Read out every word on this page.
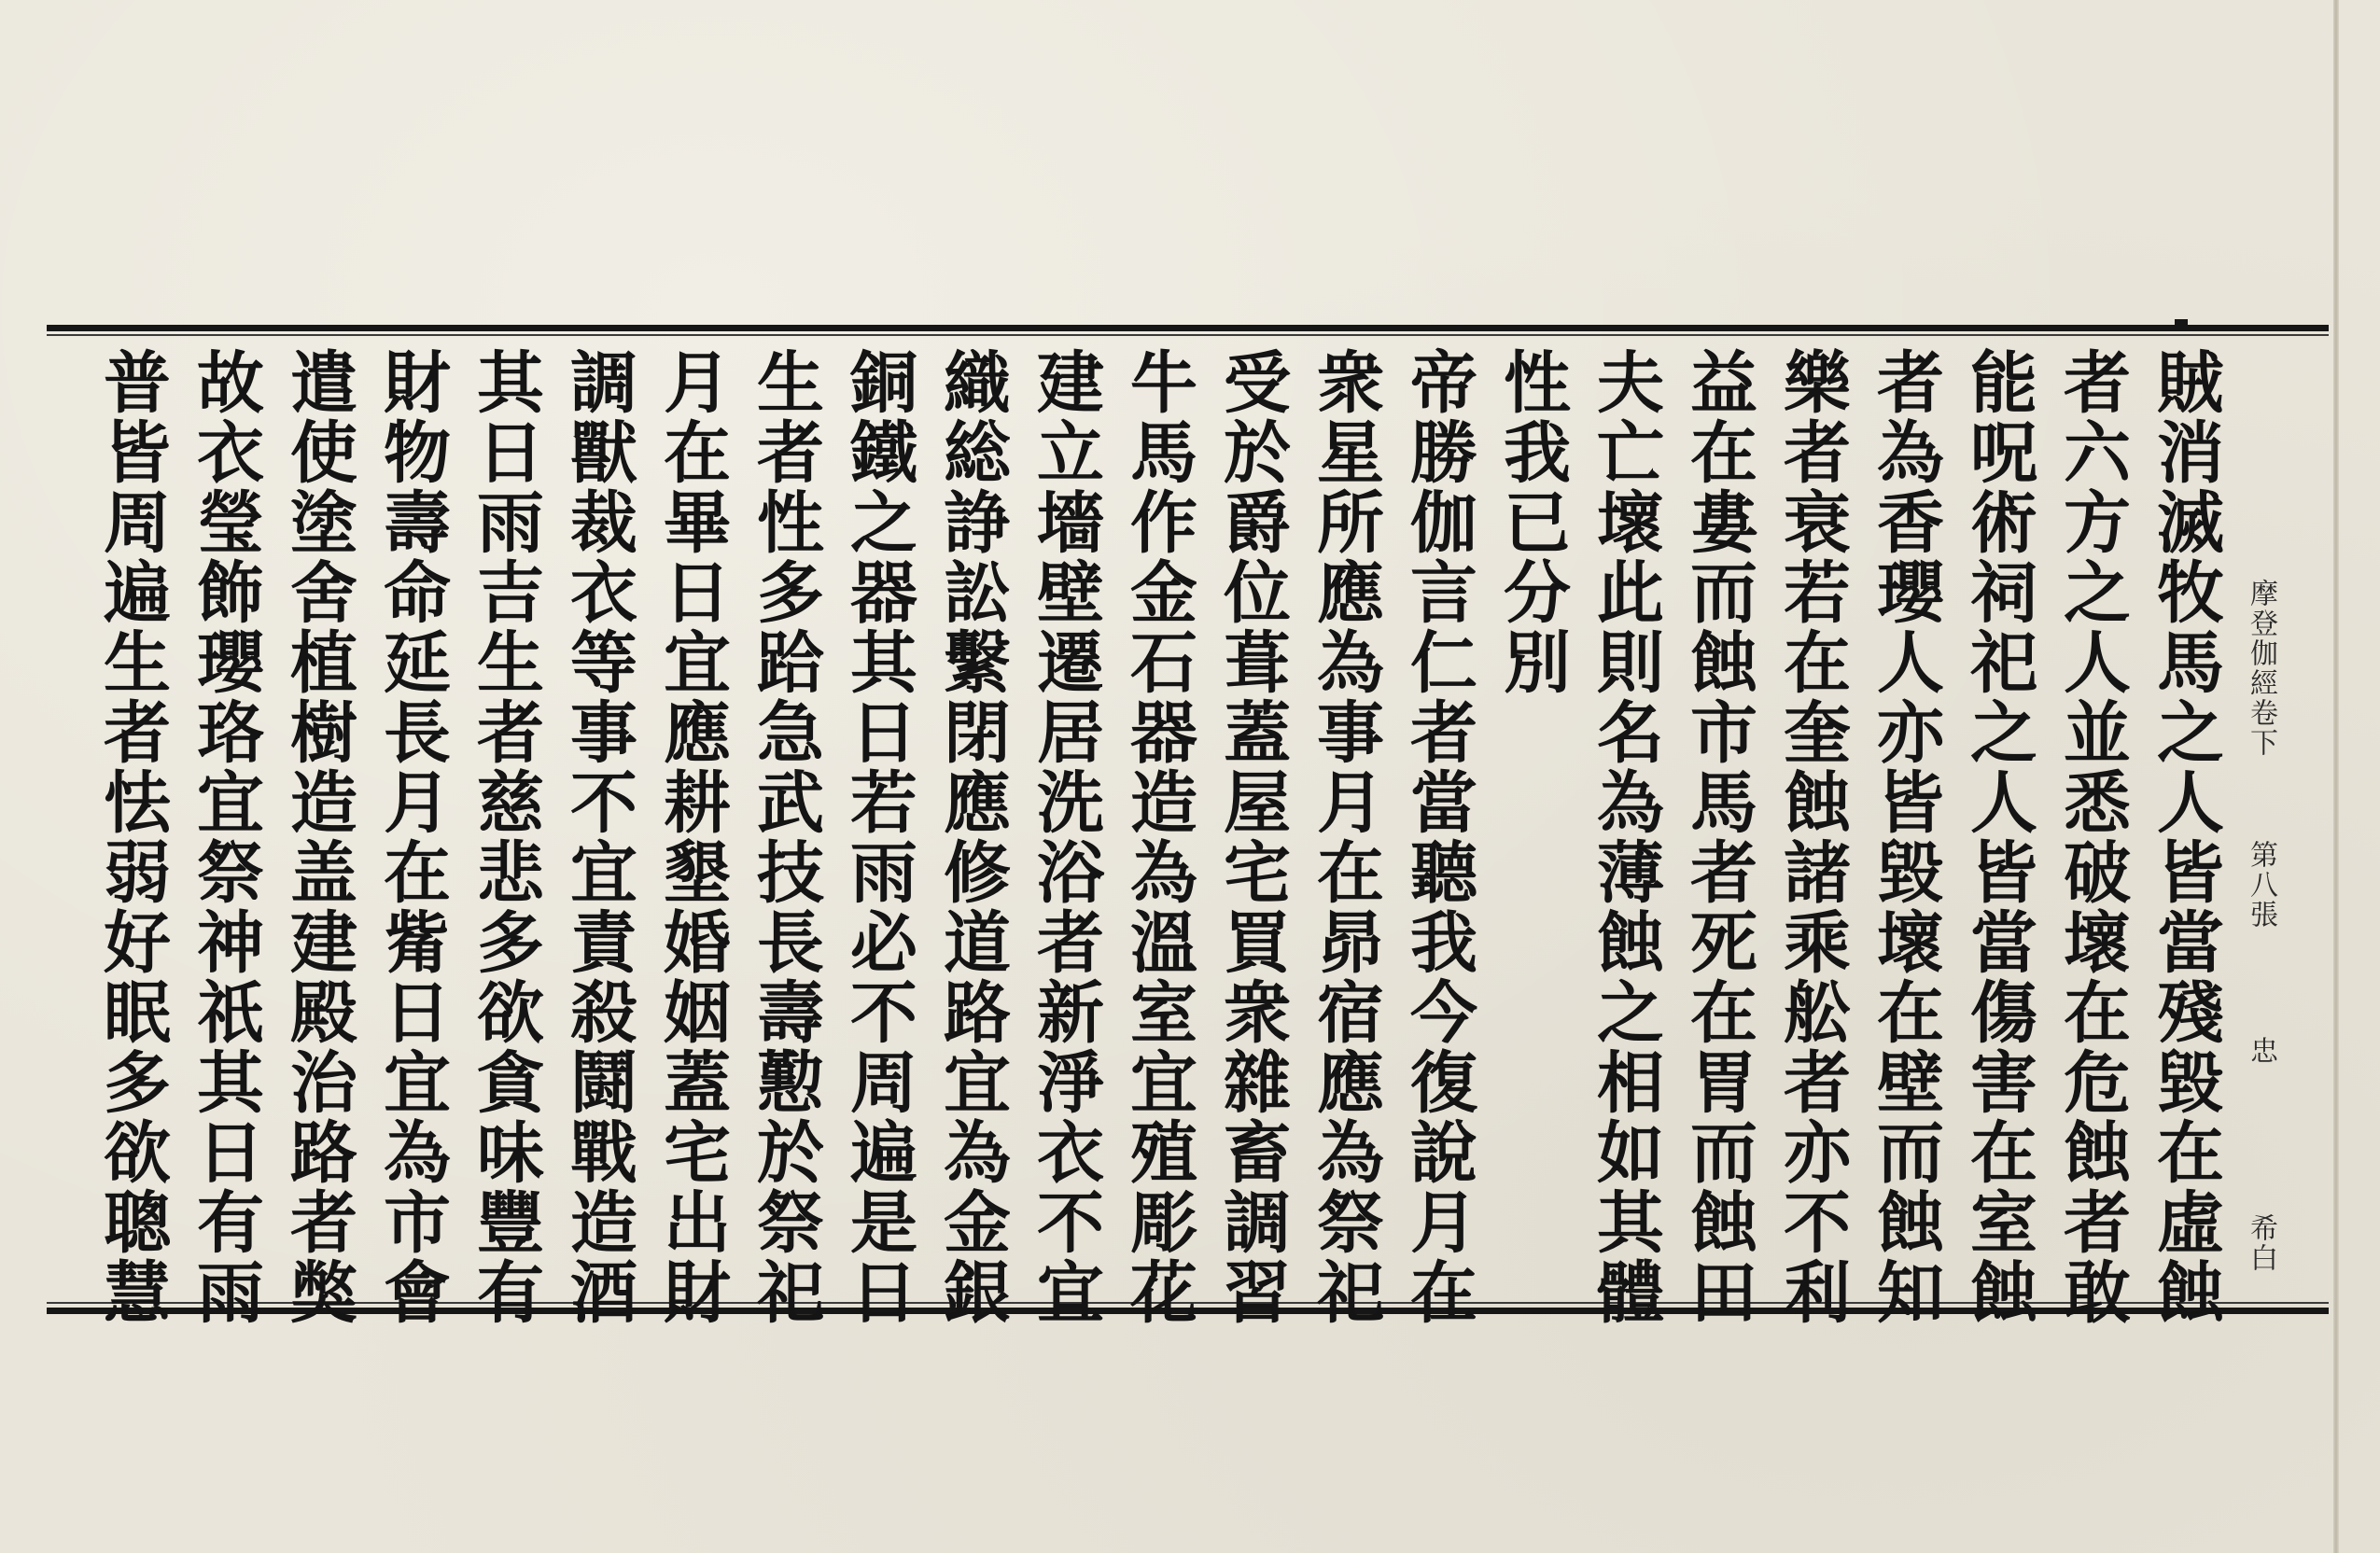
賊消滅牧馬之人皆當殘毀在虛蝕
者六方之人並悉破壞在危蝕者敢
能呪術祠祀之人皆當傷害在室蝕
者為香瓔人亦皆毀壞在壁而蝕知
樂者衰若在奎蝕諸乘舩者亦不利
益在婁而蝕市馬者死在胃而蝕田
夫亡壞此則名為薄蝕之相如其體
性我已分別
帝勝伽言仁者當聽我今復說月在
衆星所應為事月在昴宿應為祭祀
受於爵位葺蓋屋宅買衆雜畜調習
牛馬作金石器造為溫室宜殖彫花
建立墻壁遷居洗浴者新淨衣不宜
織総諍訟繫閉應修道路宜為金銀
銅鐵之器其日若雨必不周遍是日
生者性多跲急武技長壽懃於祭祀
月在畢日宜應耕墾婚姻蓋宅出財
調獸裁衣等事不宜責殺鬪戰造酒
其日雨吉生者慈悲多欲貪味豐有
財物壽命延長月在觜日宜為市會
遣使塗舍植樹造盖建殿治路者獘
故衣瑩飾瓔珞宜祭神祇其日有雨
普皆周遍生者怯弱好眠多欲聰慧	摩登伽經卷下
第八張
忠
希白
